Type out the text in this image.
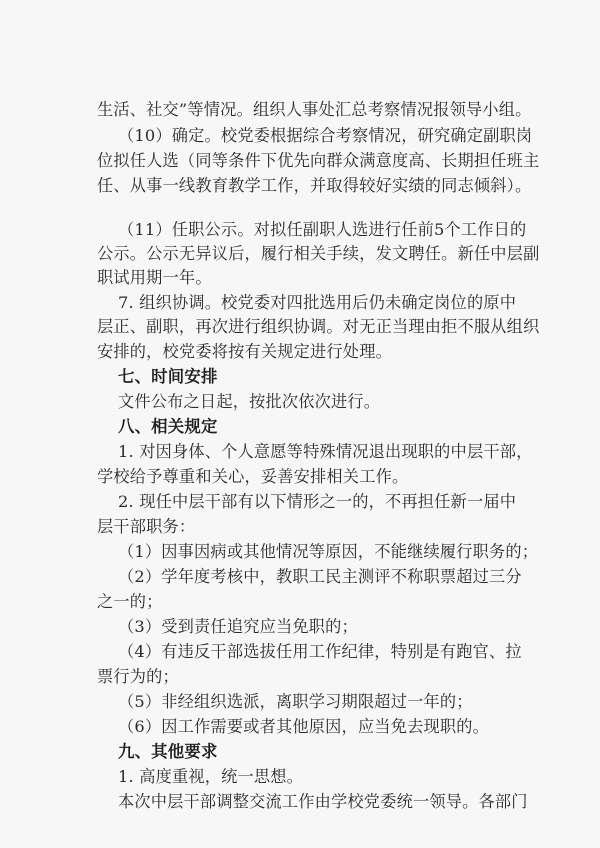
生活、社交”等情况。组织人事处汇总考察情况报领导小组。
（10）确定。校党委根据综合考察情况，研究确定副职岗
位拟任人选（同等条件下优先向群众满意度高、长期担任班主
任、从事一线教育教学工作，并取得较好实绩的同志倾斜）。
（11）任职公示。对拟任副职人选进行任前5个工作日的
公示。公示无异议后，履行相关手续，发文聘任。新任中层副
职试用期一年。
7. 组织协调。校党委对四批选用后仍未确定岗位的原中
层正、副职，再次进行组织协调。对无正当理由拒不服从组织
安排的，校党委将按有关规定进行处理。
七、时间安排
文件公布之日起，按批次依次进行。
八、相关规定
1. 对因身体、个人意愿等特殊情况退出现职的中层干部，
学校给予尊重和关心，妥善安排相关工作。
2. 现任中层干部有以下情形之一的，不再担任新一届中
层干部职务：
（1）因事因病或其他情况等原因，不能继续履行职务的；
（2）学年度考核中，教职工民主测评不称职票超过三分
之一的；
（3）受到责任追究应当免职的；
（4）有违反干部选拔任用工作纪律，特别是有跑官、拉
票行为的；
（5）非经组织选派，离职学习期限超过一年的；
（6）因工作需要或者其他原因，应当免去现职的。
九、其他要求
1. 高度重视，统一思想。
本次中层干部调整交流工作由学校党委统一领导。各部门
